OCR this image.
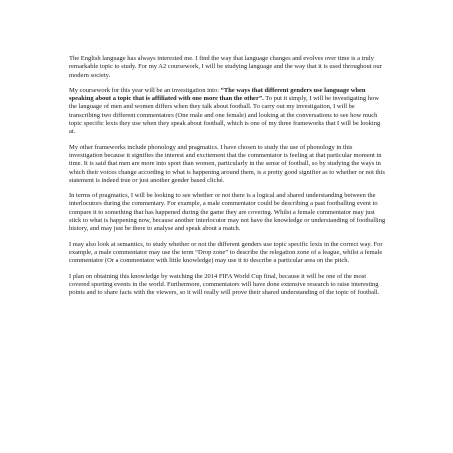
The English language has always interested me. I find the way that language changes and evolves over time is a truly remarkable topic to study. For my A2 coursework, I will be studying language and the way that it is used throughout our modern society.

My coursework for this year will be an investigation into: “The ways that different genders use language when speaking about a topic that is affiliated with one more than the other”. To put it simply, I will be investigating how the language of men and women differs when they talk about football. To carry out my investigation, I will be transcribing two different commentators (One male and one female) and looking at the conversations to see how much topic specific lexis they use when they speak about football, which is one of my three frameworks that I will be looking at.

My other frameworks include phonology and pragmatics. I have chosen to study the use of phonology in this investigation because it signifies the interest and excitement that the commentator is feeling at that particular moment in time. It is said that men are more into sport than women, particularly in the sense of football, so by studying the ways in which their voices change according to what is happening around them, is a pretty good signifier as to whether or not this statement is indeed true or just another gender based cliché.

In terms of pragmatics, I will be looking to see whether or not there is a logical and shared understanding between the interlocutors during the commentary. For example, a male commentator could be describing a past footballing event to compare it to something that has happened during the game they are covering. Whilst a female commentator may just stick to what is happening now, because another interlocutor may not have the knowledge or understanding of footballing history, and may just be there to analyse and speak about a match.

I may also look at semantics, to study whether or not the different genders use topic specific lexis in the correct way. For example, a male commentator may use the term “Drop zone” to describe the relegation zone of a league, whilst a female commentator (Or a commentator with little knowledge) may use it to describe a particular area on the pitch.

I plan on obtaining this knowledge by watching the 2014 FIFA World Cup final, because it will be one of the most covered sporting events in the world. Furthermore, commentators will have done extensive research to raise interesting points and to share facts with the viewers, so it will really will prove their shared understanding of the topic of football.
